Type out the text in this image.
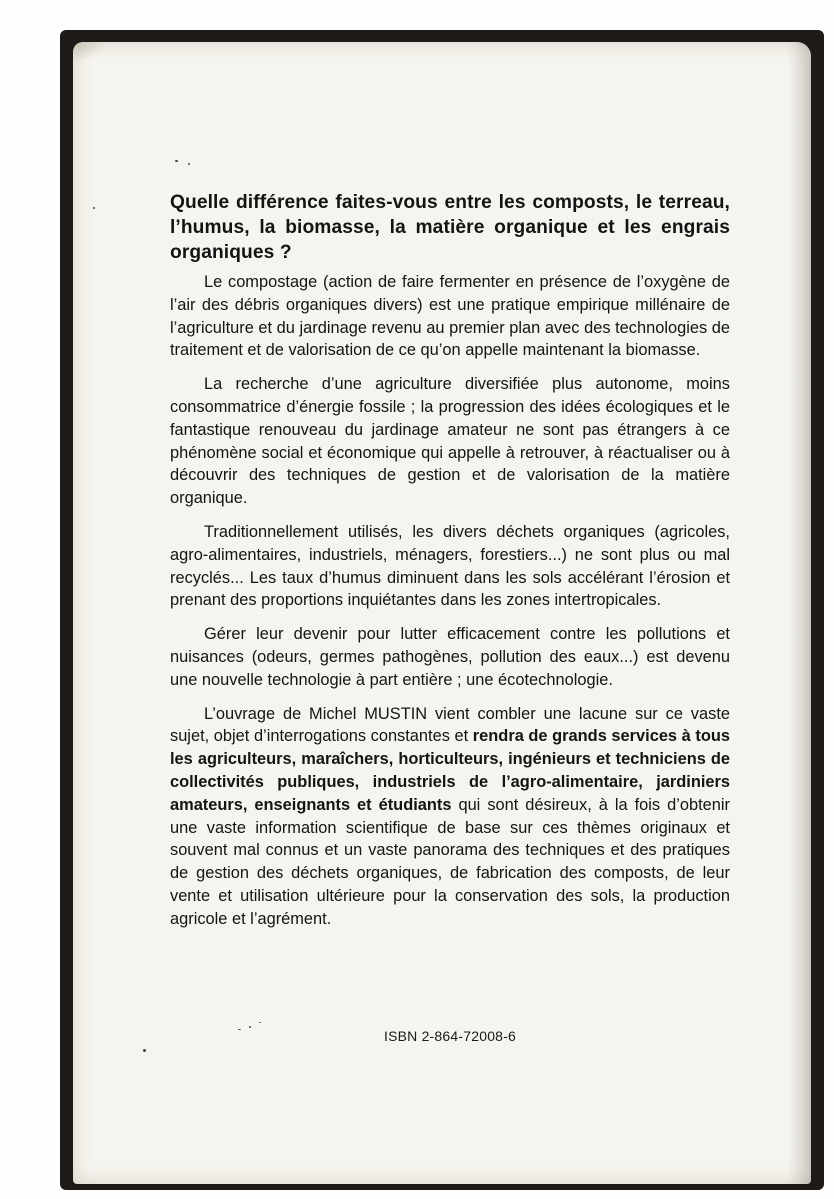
Quelle différence faites-vous entre les composts, le terreau, l’humus, la biomasse, la matière organique et les engrais organiques ?

Le compostage (action de faire fermenter en présence de l’oxygène de l’air des débris organiques divers) est une pratique empirique millénaire de l’agriculture et du jardinage revenu au premier plan avec des technologies de traitement et de valorisation de ce qu’on appelle maintenant la biomasse.

La recherche d’une agriculture diversifiée plus autonome, moins consommatrice d’énergie fossile ; la progression des idées écologiques et le fantastique renouveau du jardinage amateur ne sont pas étrangers à ce phénomène social et économique qui appelle à retrouver, à réactualiser ou à découvrir des techniques de gestion et de valorisation de la matière organique.

Traditionnellement utilisés, les divers déchets organiques (agricoles, agro-alimentaires, industriels, ménagers, forestiers...) ne sont plus ou mal recyclés... Les taux d’humus diminuent dans les sols accélérant l’érosion et prenant des proportions inquiétantes dans les zones intertropicales.

Gérer leur devenir pour lutter efficacement contre les pollutions et nuisances (odeurs, germes pathogènes, pollution des eaux...) est devenu une nouvelle technologie à part entière ; une écotechnologie.

L’ouvrage de Michel MUSTIN vient combler une lacune sur ce vaste sujet, objet d’interrogations constantes et rendra de grands services à tous les agriculteurs, maraîchers, horticulteurs, ingénieurs et techniciens de collectivités publiques, industriels de l’agro-alimentaire, jardiniers amateurs, enseignants et étudiants qui sont désireux, à la fois d’obtenir une vaste information scientifique de base sur ces thèmes originaux et souvent mal connus et un vaste panorama des techniques et des pratiques de gestion des déchets organiques, de fabrication des composts, de leur vente et utilisation ultérieure pour la conservation des sols, la production agricole et l’agrément.

ISBN 2-864-72008-6
